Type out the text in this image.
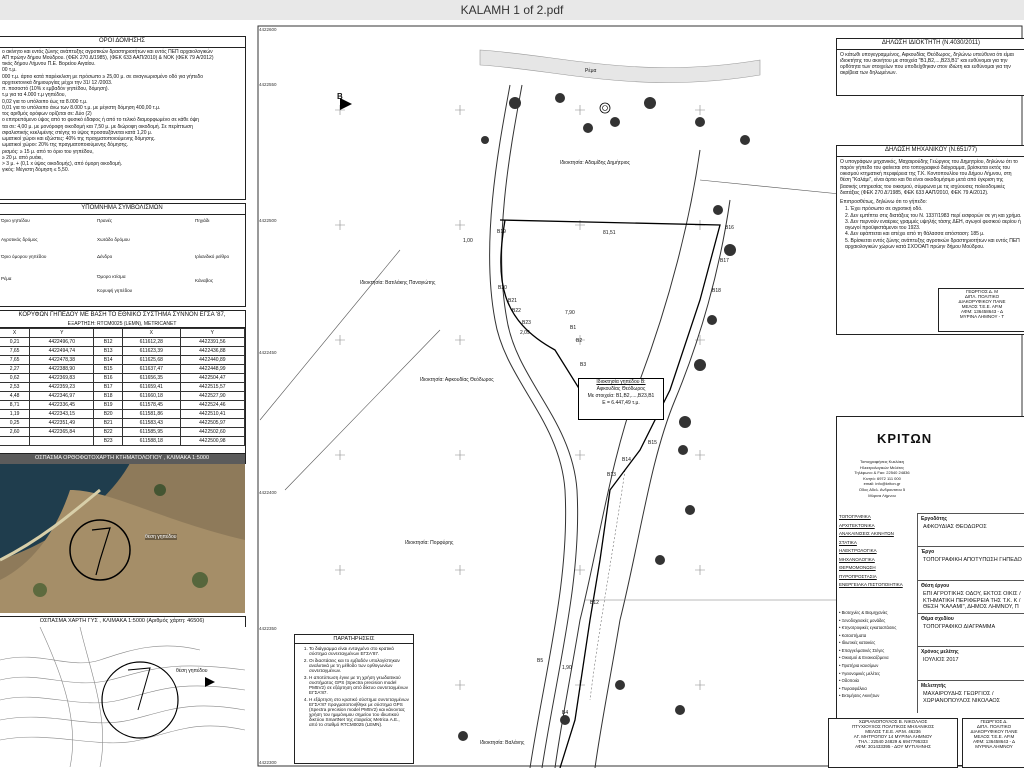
KALAMH 1 of 2.pdf
ΟΡΟΙ ΔΟΜΗΣΗΣ
ο ακίνητο και εντός ζώνης ανάπτυξης αγροτικών δραστηριοτήτων και εντός ΠΕΠ αρχαιολογικών
ΑΠ πρώην δήμου Μούδρου. (ΦΕΚ 270 Δ/1985), (ΦΕΚ 633 ΑΑΠ/2010) & ΝΟΚ (ΦΕΚ 79 Α/2012)
τικός δήμου Λήμνου Π.Ε. Βορείου Αιγαίου.
00 τ.μ.
000 τ.μ. άρτιο κατά παρέκκλιση με πρόσωπο ≥ 25,00 μ. σε αναγνωρισμένο οδό για γήπεδο
αρχιτεκτονικά δημιουργίας μέχρι την 31/ 12 /2003.
π. ποσοστό (10% x εμβαδόν γηπέδου, δόμηση).
τ.μ για τα 4.000 τ.μ γηπέδου,
0,02 για το υπόλοιπο έως τα 8.000 τ.μ.
0,01 για το υπόλοιπο άνω των 8.000 τ.μ. με μέγιστη δόμηση 400,00 τ.μ.
τος αριθμός ορόφων ορίζεται σε: Δύο (2)
ο επιτρεπόμενο ύψος από το φυσικό έδαφος ή από το τελικό διαμορφωμένο σε κάθε όψη
ται σε: 4,00 μ. με μονόροφη οικοδομή και 7,50 μ. με διώροφη οικοδομή. Σε περίπτωση
σφαλιστικής κεκλιμένης στέγης το ύψος προσαυξάνεται κατά 1,20 μ.
ωματικοί χώροι και εξώστες: 40% της πραγματοποιούμενης δόμησης.
ωματικοί χώροι: 20% της πραγματοποιούμενης δόμησης.
ρισμός: ≥ 15 μ. από το όριο του γηπέδου,
≥ 20 μ. από ρυάκι,
> 3 μ. + (0,1 x ύψος οικοδομής), από όμορη οικοδομή.
γικός: Μέγιστη δόμηση ≤ 5,50.
ΥΠΟΜΝΗΜΑ ΣΥΜΒΟΛΙΣΜΩΝ
Όριο γηπέδου	Πρανές	Πηγάδι
Αγροτικός δρόμος	Χωτάδο δρόμου
Όριο όμορου γηπέδου	Δένδρο	Ιρλανδικό ρείθρο
Ρέμα	Όμορο κτίσμα
Κορυφή γηπέδου
Κάναβος
ΚΟΡΥΦΩΝ ΓΗΠΕΔΟΥ ΜΕ ΒΑΣΗ ΤΟ ΕΘΝΙΚΟ ΣΥΣΤΗΜΑ ΣΥΝΝΟΝ ΕΓΣΑ '87,
ΕΞΑΡΤΗΣΗ: RTCM0025 (LEMN), METRICANET
X	Y		X	Y
0,21	4422496,70	B12	611612,28	4422391,56
7,65	4422494,74	B13	611623,39	4422436,88
7,65	4422478,38	B14	611625,68	4422440,89
2,27	4422388,90	B15	611637,47	4422448,99
0,62	4422369,83	B16	611656,35	4422504,47
2,53	4422359,23	B17	611659,41	4422515,57
4,48	4422346,97	B18	611660,18	4422527,90
8,71	4422336,45	B19	611578,45	4422524,46
1,19	4422343,15	B20	611581,86	4422510,41
0,25	4422351,49	B21	611583,43	4422505,97
2,60	4422365,84	B22	611585,95	4422502,60
		B23	611588,18	4422500,98
ΟΣΠΑΣΜΑ ΟΡΘΟΦΩΤΟΧΑΡΤΗ ΚΤΗΜΑΤΟΛΟΓΙΟΥ , ΚΛΙΜΑΚΑ 1:5000
θέση γηπέδου
ΟΣΠΑΣΜΑ ΧΑΡΤΗ ΓΥΣ , ΚΛΙΜΑΚΑ 1:5000 (Αριθμός χάρτη: 46506)
θέση γηπέδου
4422600
4422550
4422500
4422450
4422400
4422350
4422300
B
Ρέμα
Ιδιοκτησία: Αδαμίδης Δημήτριος
Ιδιοκτησία: Βατιλάκης Παναγιώτης
Ιδιοκτησία: Αφκουδίας Θεόδωρος
Ιδιοκτησία: Πορφύρης
Ιδιοκτησία: Βαλάνης
Ιδιοκτησία γηπέδου Β:
Αφκουδίας Θεόδωρος
Με στοιχεία: Β1,Β2,....,Β23,Β1
Ε = 6.447,49 τ.μ.
81,51
2,09
7,90
1,00
1,90
B19
B16
B17
B18
B20
B21
B22
B23
B1
B2
B3
B15
B14
B13
B12
B5
B4
ΠΑΡΑΤΗΡΗΣΕΙΣ
1. Το διάγραμμα είναι ενταγμένο στο κρατικό σύστημα συντεταγμένων ΕΓΣΑ'87.
2. Οι διαστάσεις και το εμβαδόν υπολογίστηκαν αναλυτικά με τη μέθοδο των ορθογωνίων συντεταγμένων.
3. Η αποτύπωση έγινε με τη χρήση γεωδαιτικού συστήματος GPS (Spectra precision model PM5V2) σε εξάρτηση από δίκτυο συντεταγμένων ΕΓΣΑ'87.
4. Η εξάρτηση στο κρατικό σύστημα συντεταγμένων ΕΓΣΑ'87 πραγματοποιήθηκε με σύστημα GPS (Spectra precision model PM5V2) και κάνοντας χρήση του ηµιμόνιμου σημείου του ιδιωτικού δικτύου SmartNet της εταιρείας Metrica Α.Ε., από το σταθμό RTCM0025 (LEMN).
ΔΗΛΩΣΗ ΙΔΙΟΚΤΗΤΗ (Ν.4030/2011)
Ο κάτωθι υπογεγραμμένος, Αφκουδίας Θεόδωρος, δηλώνω υπεύθυνα ότι είμαι ιδιοκτήτης του ακινήτου με στοιχεία "Β1,Β2,...,Β23,Β1" και ευθύνομαι για την ορθότητα των στοιχείων που υποδείχθηκαν στον ιδιώτη και ευθύνομαι για την ακρίβεια των δηλωμένων.
ΔΗΛΩΣΗ ΜΗΧΑΝΙΚΟΥ (Ν.651/77)
Ο υπογράφων μηχανικός, Μαχαιρούδης Γεώργιος του Δημητρίου, δηλώνω ότι το παρόν γήπεδο του φαίνεται στο τοπογραφικό διάγραμμα, βρίσκεται εκτός του οικισμού κτηματική περιφέρεια της Τ.Κ. Κοντοπουλίου του Δήμου Λήμνου, στη θέση "Καλάμι", είναι άρτιο και θα είναι οικοδομήσιμο μετά από έγκριση της βασικής υπηρεσίας του οικισμού, σύμφωνα με τις ισχύουσες πολεοδομικές διατάξεις (ΦΕΚ 270 Δ'/1985, ΦΕΚ 633 ΑΑΠ/2010, ΦΕΚ 79 Α/2012).
Επιπροσθέτως, δηλώνω ότι το γήπεδο:
1. Έχει πρόσωπο σε αγροτική οδό.
2. Δεν εμπίπτει στις διατάξεις του Ν. 1337/1983 περί εισφορών σε γη και χρήμα.
3. Δεν περνούν εναέριες γραμμές υψηλής τάσης ΔΕΗ, αγωγοί φυσικού αερίου ή αγωγοί προϋφιστάμενοι του 1923.
4. Δεν εφάπτεται και απέχει από τη θάλασσα απόσταση: 185 μ.
5. Βρίσκεται εντός ζώνης ανάπτυξης αγροτικών δραστηριοτήτων και εντός ΠΕΠ αρχαιολογικών χώρων κατά ΣΧΟΟΑΠ πρώην δήμου Μούδρου.
ΓΕΩΡΓΙΟΣ Δ. Μ
ΔΙΠΛ. ΠΟΛΙΤΙΚΟ
ΔΙΑΚΟΡΥΦΙΚΟΥ ΠΑΝΕ
ΜΕΛΟΣ Τ.Ε.Ε. ΑΡ.Μ
ΑΦΜ: 136458643 - Δ
ΜΥΡΙΝΑ ΛΗΜΝΟΥ - Τ
ΚΡΙΤΩΝ
Τοπογραφήσεις Κυκλάκη
Ηλεκτρολογικών Μελέτες
Τηλέφωνο & Fax: 22540 24836
Κινητό: 6972 111 000
email: info@kriton.gr
Οδος Αδελ. Ανδρουτσου 5
Μύρινα Λήμνου
ΤΟΠΟΓΡΑΦΙΚΑ
ΑΡΧΙΤΕΚΤΟΝΙΚΑ
ΑΝΑΚΑΙΝΙΣΕΙΣ ΑΚΙΝΗΤΩΝ
ΣΤΑΤΙΚΑ
ΗΛΕΚΤΡΟΛΟΓΙΚΑ
ΜΗΧΑΝΟΛΟΓΙΚΑ
ΘΕΡΜΟΜΟΝΩΣΗ
ΠΥΡΟΠΡΟΣΤΑΣΙΑ
ΕΝΕΡΓΕΙΑΚΑ ΠΙΣΤΟΠΟΙΗΤΙΚΑ
• Βιοτεχνίες & Βιομηχανίες
• Ξενοδοχειακές μονάδες
• Κτηνοτροφικές εγκαταστάσεις
• Καταστήματα
• Ιδιωτικές κατοικίες
• Επαγγελματικές Στέγες
• Οικισμοί & Ενοικιαζόμενα
• Πρατήρια καυσίμων
• Υγειονομικές μελέτες
• Οδοποιία
• Πυρασφάλεια
• Εκτιμήσεις Ακινήτων
Εργοδότης
ΑΦΚΟΥΔΙΑΣ ΘΕΟΔΩΡΟΣ
Έργο
ΤΟΠΟΓΡΑΦΙΚΗ ΑΠΟΤΥΠΩΣΗ ΓΗΠΕΔΟ
Θέση έργου
ΕΠΙ ΑΓΡΟΤΙΚΗΣ ΟΔΟΥ, ΕΚΤΟΣ ΟΙΚΙΣ / ΚΤΗΜΑΤΙΚΗ ΠΕΡΙΦΕΡΕΙΑ ΤΗΣ Τ.Κ. Κ / ΘΕΣΗ "ΚΑΛΑΜΙ", ΔΗΜΟΣ ΛΗΜΝΟΥ, Π
Θέμα σχεδίου
ΤΟΠΟΓΡΑΦΙΚΟ ΔΙΑΓΡΑΜΜΑ
Χρόνος μελέτης
ΙΟΥΛΙΟΣ 2017
Μελετητής
ΜΑΧΑΙΡΟΥΔΗΣ ΓΕΩΡΓΙΟΣ / ΧΩΡΙΑΝΟΠΟΥΛΟΣ ΝΙΚΟΛΑΟΣ
ΧΩΡΙΑΝΟΠΟΥΛΟΣ Β. ΝΙΚΟΛΑΟΣ
ΠΤΥΧΙΟΥΧΟΣ ΠΟΛΙΤΙΚΟΣ ΜΗΧΑΝΙΚΟΣ
ΜΕΛΟΣ Τ.Ε.Ε. ΑΡ.Μ. 46236
ΑΓ. ΜΗΤΡΟΠΟΥ 14 ΜΥΡΙΝΑ ΛΗΜΝΟΥ
ΤΗΛ.: 22540 24829 & 6947795333
ΑΦΜ: 301433395 - ΔΟΥ ΜΥΤΙΛΗΝΗΣ
ΓΕΩΡΓΙΟΣ Δ.
ΔΙΠΛ. ΠΟΛΙΤΙΚΟ
ΔΙΑΚΟΡΥΦΙΚΟΥ ΠΑΝΕ
ΜΕΛΟΣ Τ.Ε.Ε. ΑΡ.Μ
ΑΦΜ: 136458643 - Δ
ΜΥΡΙΝΑ ΛΗΜΝΟΥ
